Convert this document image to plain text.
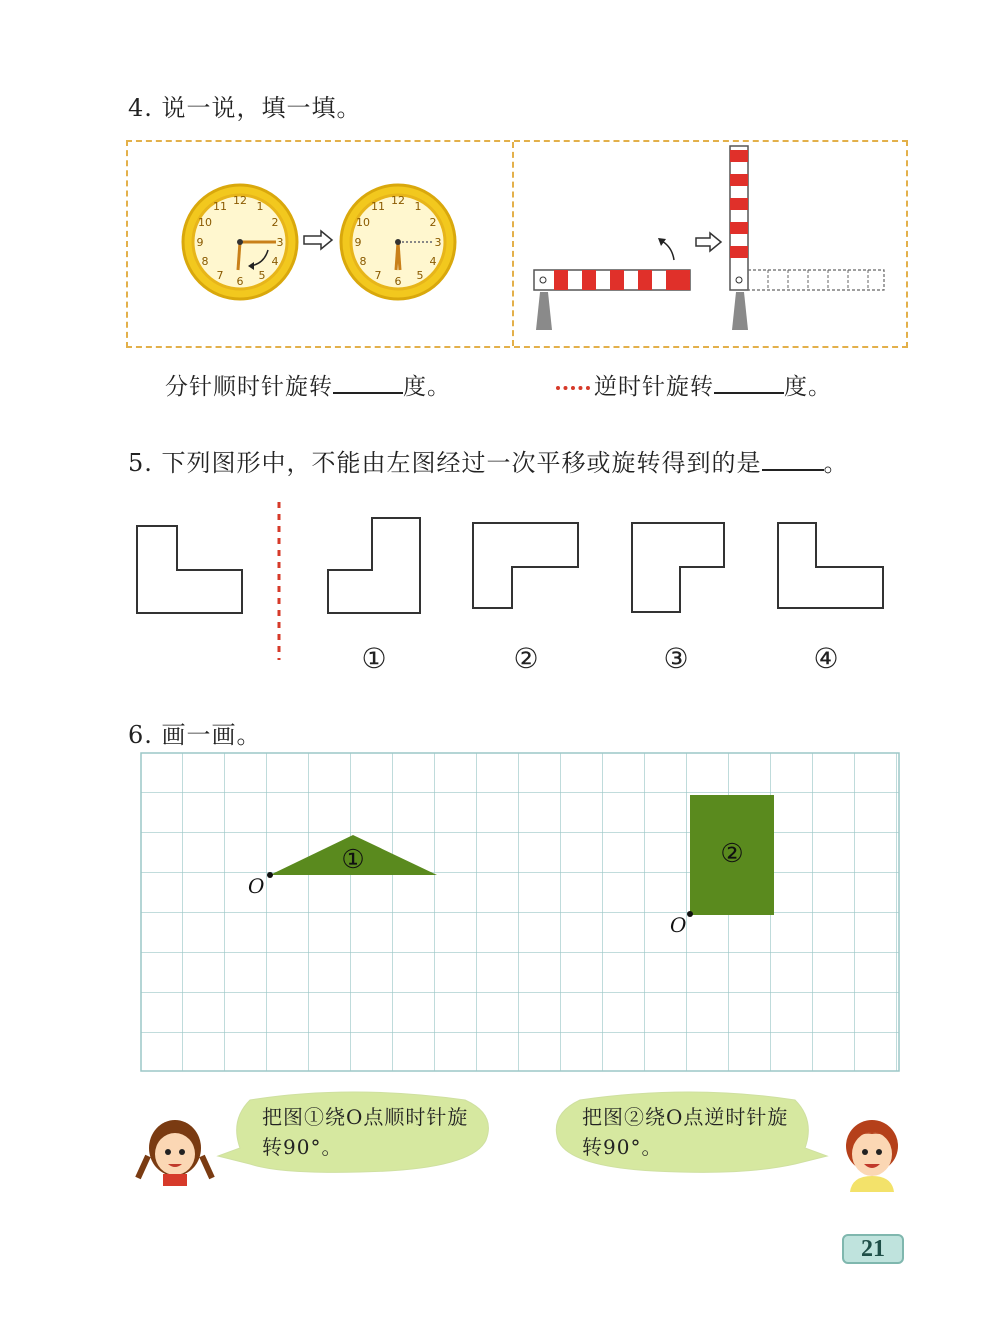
4. 说一说，填一填。
12 1
2
3
4
5
6
7
8
9
10
11	12 1
2
3
4
5
6
7
8
9
10
11
分针顺时针旋转	度。	逆时针旋转	度。
5. 下列图形中，不能由左图经过一次平移或旋转得到的是	。
①	②	③	④
6. 画一画。
①
O
②
O
把图①绕O点顺时针旋转90°。
把图②绕O点逆时针旋转90°。
21
